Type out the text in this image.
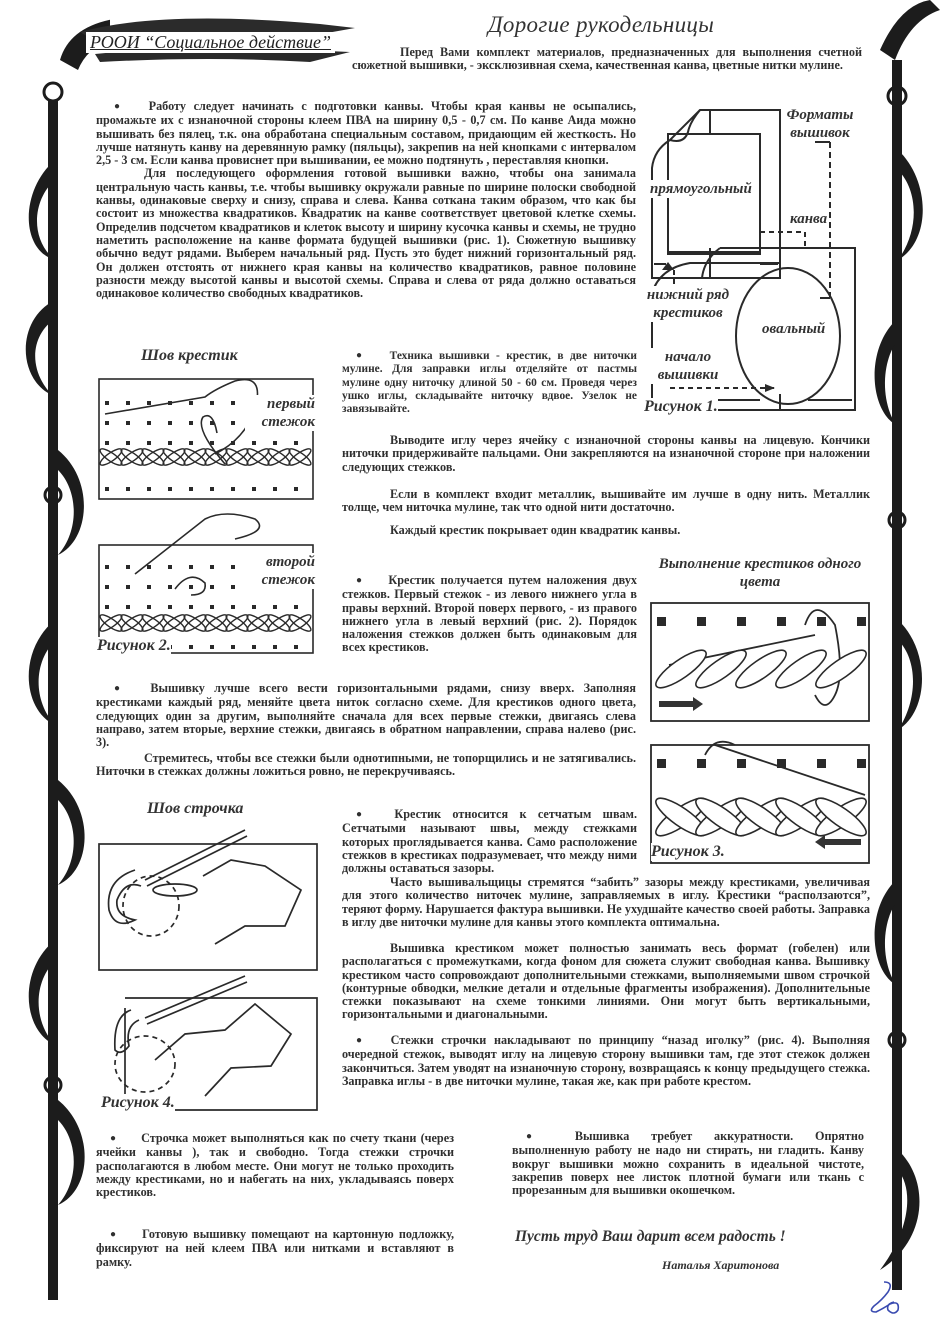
РООИ “Социальное действие”
Дорогие рукодельницы
Перед Вами комплект материалов, предназначенных для выполнения счетной сюжетной вышивки, - эксклюзивная схема, качественная канва, цветные нитки мулине.
● Работу следует начинать с подготовки канвы. Чтобы края канвы не осыпались, промажьте их с изнаночной стороны клеем ПВА на ширину 0,5 - 0,7 см. По канве Аида можно вышивать без пялец, т.к. она обработана специальным составом, придающим ей жесткость. Но лучше натянуть канву на деревянную рамку (пяльцы), закрепив на ней кнопками с интервалом 2,5 - 3 см. Если канва провиснет при вышивании, ее можно подтянуть , переставляя кнопки.
Для последующего оформления готовой вышивки важно, чтобы она занимала центральную часть канвы, т.е. чтобы вышивку окружали равные по ширине полоски свободной канвы, одинаковые сверху и снизу, справа и слева. Канва соткана таким образом, что как бы состоит из множества квадратиков. Квадратик на канве соответствует цветовой клетке схемы. Определив подсчетом квадратиков и клеток высоту и ширину кусочка канвы и схемы, не трудно наметить расположение на канве формата будущей вышивки (рис. 1). Сюжетную вышивку обычно ведут рядами. Выберем начальный ряд. Пусть это будет нижний горизонтальный ряд. Он должен отстоять от нижнего края канвы на количество квадратиков, равное половине разности между высотой канвы и высотой схемы. Справа и слева от ряда должно оставаться одинаковое количество свободных квадратиков.
Форматы вышивок
прямоугольный
канва
нижний ряд крестиков
овальный
начало вышивки
Рисунок 1.
Шов крестик
первый стежок
второй стежок
Рисунок 2.
● Техника вышивки - крестик, в две ниточки мулине. Для заправки иглы отделяйте от пастмы мулине одну ниточку длиной 50 - 60 см. Проведя через ушко иглы, складывайте ниточку вдвое. Узелок не завязывайте.
Выводите иглу через ячейку с изнаночной стороны канвы на лицевую. Кончики ниточки придерживайте пальцами. Они закрепляются на изнаночной стороне при наложении следующих стежков.
Если в комплект входит металлик, вышивайте им лучше в одну нить. Металлик толще, чем ниточка мулине, так что одной нити достаточно.
Каждый крестик покрывает один квадратик канвы.
● Крестик получается путем наложения двух стежков. Первый стежок - из левого нижнего угла в правы верхний. Второй поверх первого, - из правого нижнего угла в левый верхний (рис. 2). Порядок наложения стежков должен быть одинаковым для всех крестиков.
Выполнение крестиков одного цвета
Рисунок 3.
● Вышивку лучше всего вести горизонтальными рядами, снизу вверх. Заполняя крестиками каждый ряд, меняйте цвета ниток согласно схеме. Для крестиков одного цвета, следующих один за другим, выполняйте сначала для всех первые стежки, двигаясь слева направо, затем вторые, верхние стежки, двигаясь в обратном направлении, справа налево (рис. 3).
Стремитесь, чтобы все стежки были однотипными, не топорщились и не затягивались. Ниточки в стежках должны ложиться ровно, не перекручиваясь.
Шов строчка
Рисунок 4.
● Крестик относится к сетчатым швам. Сетчатыми называют швы, между стежками которых проглядывается канва. Само расположение стежков в крестиках подразумевает, что между ними должны оставаться зазоры.
Часто вышивальщицы стремятся “забить” зазоры между крестиками, увеличивая для этого количество ниточек мулине, заправляемых в иглу. Крестики “расползаются”, теряют форму. Нарушается фактура вышивки. Не ухудшайте качество своей работы. Заправка в иглу две ниточки мулине для канвы этого комплекта оптимальна.
Вышивка крестиком может полностью занимать весь формат (гобелен) или располагаться с промежутками, когда фоном для сюжета служит свободная канва. Вышивку крестиком часто сопровождают дополнительными стежками, выполняемыми швом строчкой (контурные обводки, мелкие детали и отдельные фрагменты изображения). Дополнительные стежки показывают на схеме тонкими линиями. Они могут быть вертикальными, горизонтальными и диагональными.
● Стежки строчки накладывают по принципу “назад иголку” (рис. 4). Выполняя очередной стежок, выводят иглу на лицевую сторону вышивки там, где этот стежок должен закончиться. Затем уводят на изнаночную сторону, возвращаясь к концу предыдущего стежка. Заправка иглы - в две ниточки мулине, такая же, как при работе крестом.
● Строчка может выполняться как по счету ткани (через ячейки канвы ), так и свободно. Тогда стежки строчки располагаются в любом месте. Они могут не только проходить между крестиками, но и набегать на них, укладываясь поверх крестиков.
● Готовую вышивку помещают на картонную подложку, фиксируют на ней клеем ПВА или нитками и вставляют в рамку.
● Вышивка требует аккуратности. Опрятно выполненную работу не надо ни стирать, ни гладить. Канву вокруг вышивки можно сохранить в идеальной чистоте, закрепив поверх нее листок плотной бумаги или ткань с прорезанным для вышивки окошечком.
Пусть труд Ваш дарит всем радость !
Наталья Харитонова
